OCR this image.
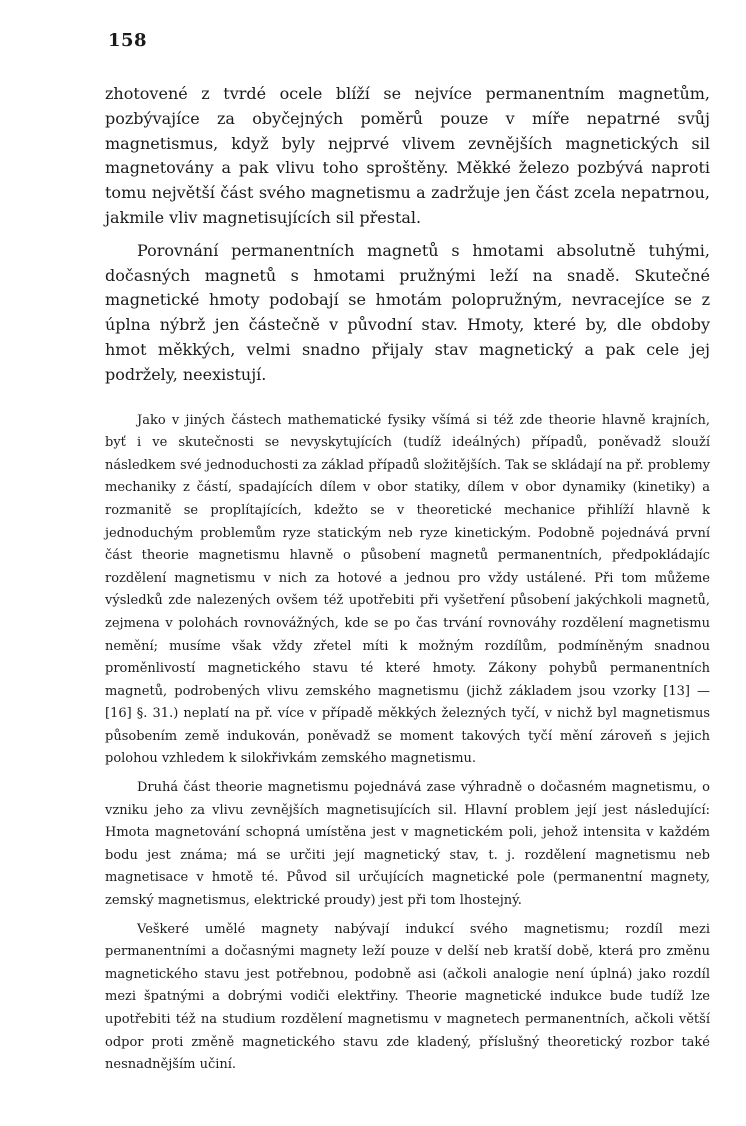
158

zhotovené z tvrdé ocele blíží se nejvíce permanentním magnetům, pozbývajíce za obyčejných poměrů pouze v míře nepatrné svůj magnetismus, když byly nejprvé vlivem zevnějších magnetických sil magnetovány a pak vlivu toho sproštěny. Měkké železo pozbývá naproti tomu největší část svého magnetismu a zadržuje jen část zcela nepatrnou, jakmile vliv magnetisujících sil přestal.

Porovnání permanentních magnetů s hmotami absolutně tuhými, dočasných magnetů s hmotami pružnými leží na snadě. Skutečné magnetické hmoty podobají se hmotám polopružným, nevracejíce se z úplna nýbrž jen částečně v původní stav. Hmoty, které by, dle obdoby hmot měkkých, velmi snadno přijaly stav magnetický a pak cele jej podržely, neexistují.

Jako v jiných částech mathematické fysiky všímá si též zde theorie hlavně krajních, byť i ve skutečnosti se nevyskytujících (tudíž ideálných) případů, poněvadž slouží následkem své jednoduchosti za základ případů složitějších. Tak se skládají na př. problemy mechaniky z částí, spadajících dílem v obor statiky, dílem v obor dynamiky (kinetiky) a rozmanitě se proplítajících, kdežto se v theoretické mechanice přihlíží hlavně k jednoduchým problemům ryze statickým neb ryze kinetickým. Podobně pojednává první část theorie magnetismu hlavně o působení magnetů permanentních, předpokládajíc rozdělení magnetismu v nich za hotové a jednou pro vždy ustálené. Při tom můžeme výsledků zde nalezených ovšem též upotřebiti při vyšetření působení jakýchkoli magnetů, zejmena v polohách rovnovážných, kde se po čas trvání rovnováhy rozdělení magnetismu nemění; musíme však vždy zřetel míti k možným rozdílům, podmíněným snadnou proměnlivostí magnetického stavu té které hmoty. Zákony pohybů permanentních magnetů, podrobených vlivu zemského magnetismu (jichž základem jsou vzorky [13] — [16] §. 31.) neplatí na př. více v případě měkkých železných tyčí, v nichž byl magnetismus působením země indukován, poněvadž se moment takových tyčí mění zároveň s jejich polohou vzhledem k silokřivkám zemského magnetismu.

Druhá část theorie magnetismu pojednává zase výhradně o dočasném magnetismu, o vzniku jeho za vlivu zevnějších magnetisujících sil. Hlavní problem její jest následující: Hmota magnetování schopná umístěna jest v magnetickém poli, jehož intensita v každém bodu jest známa; má se určiti její magnetický stav, t. j. rozdělení magnetismu neb magnetisace v hmotě té. Původ sil určujících magnetické pole (permanentní magnety, zemský magnetismus, elektrické proudy) jest při tom lhostejný.

Veškeré umělé magnety nabývají indukcí svého magnetismu; rozdíl mezi permanentními a dočasnými magnety leží pouze v delší neb kratší době, která pro změnu magnetického stavu jest potřebnou, podobně asi (ačkoli analogie není úplná) jako rozdíl mezi špatnými a dobrými vodiči elektřiny. Theorie magnetické indukce bude tudíž lze upotřebiti též na studium rozdělení magnetismu v magnetech permanentních, ačkoli větší odpor proti změně magnetického stavu zde kladený, příslušný theoretický rozbor také nesnadnějším učiní.
